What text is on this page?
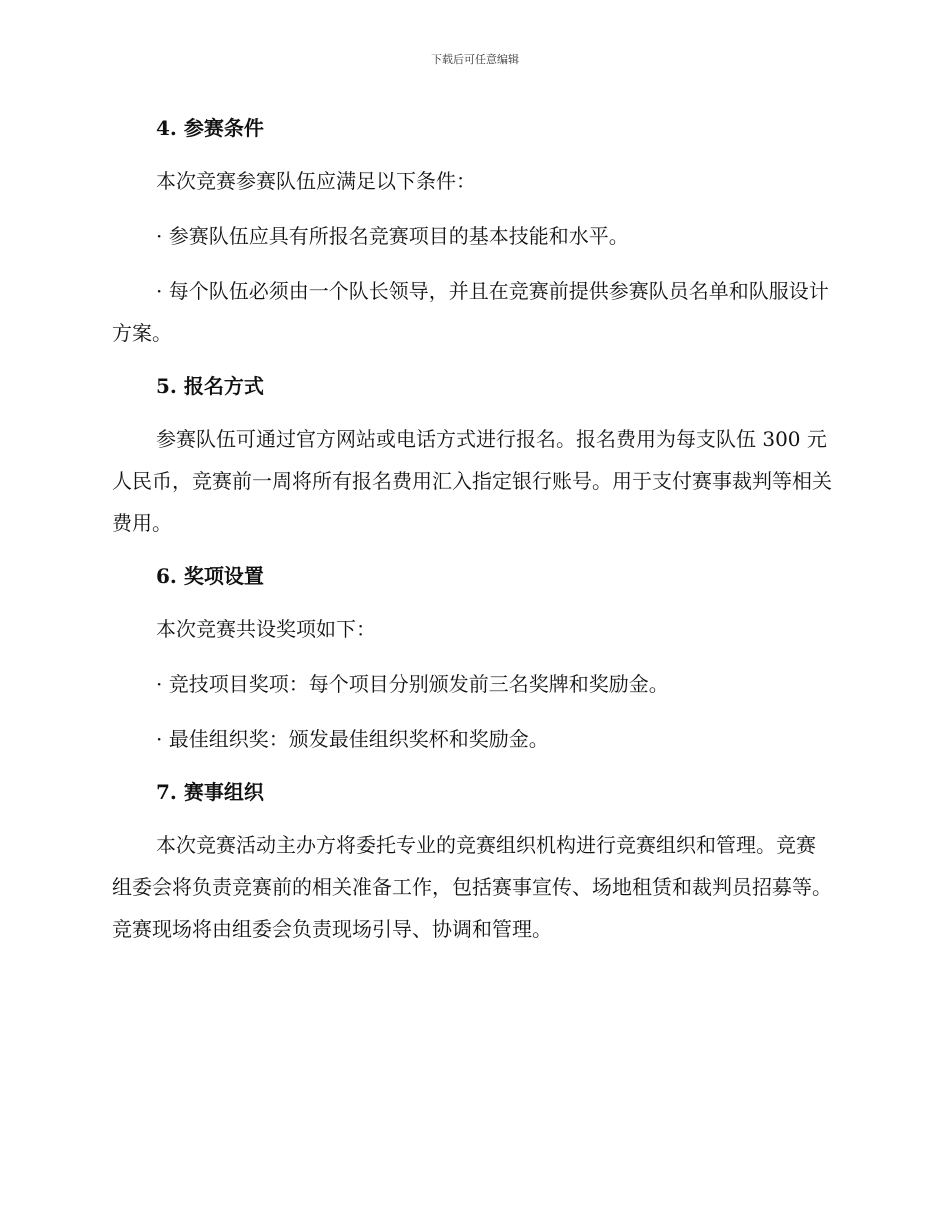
下载后可任意编辑
4. 参赛条件

本次竞赛参赛队伍应满足以下条件：

· 参赛队伍应具有所报名竞赛项目的基本技能和水平。

· 每个队伍必须由一个队长领导，并且在竞赛前提供参赛队员名单和队服设计方案。

5. 报名方式

参赛队伍可通过官方网站或电话方式进行报名。报名费用为每支队伍 300 元人民币，竞赛前一周将所有报名费用汇入指定银行账号。用于支付赛事裁判等相关费用。

6. 奖项设置

本次竞赛共设奖项如下：

· 竞技项目奖项：每个项目分别颁发前三名奖牌和奖励金。

· 最佳组织奖：颁发最佳组织奖杯和奖励金。

7. 赛事组织

本次竞赛活动主办方将委托专业的竞赛组织机构进行竞赛组织和管理。竞赛组委会将负责竞赛前的相关准备工作，包括赛事宣传、场地租赁和裁判员招募等。竞赛现场将由组委会负责现场引导、协调和管理。
